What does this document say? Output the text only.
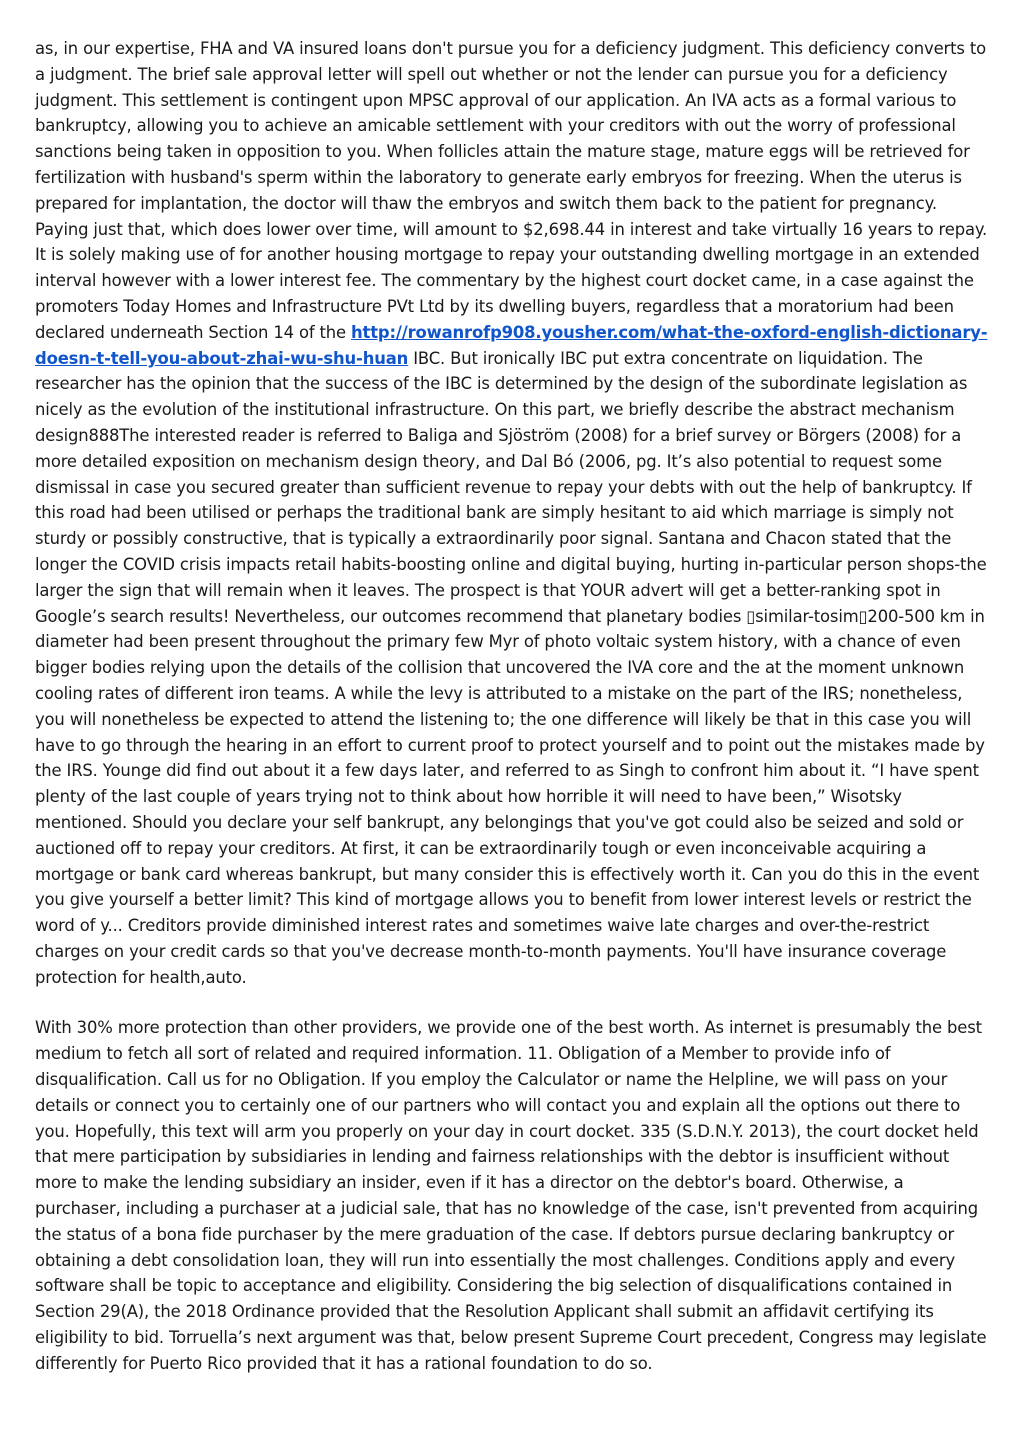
as, in our expertise, FHA and VA insured loans don't pursue you for a deficiency judgment. This deficiency converts to a judgment. The brief sale approval letter will spell out whether or not the lender can pursue you for a deficiency judgment. This settlement is contingent upon MPSC approval of our application. An IVA acts as a formal various to bankruptcy, allowing you to achieve an amicable settlement with your creditors with out the worry of professional sanctions being taken in opposition to you. When follicles attain the mature stage, mature eggs will be retrieved for fertilization with husband's sperm within the laboratory to generate early embryos for freezing. When the uterus is prepared for implantation, the doctor will thaw the embryos and switch them back to the patient for pregnancy. Paying just that, which does lower over time, will amount to $2,698.44 in interest and take virtually 16 years to repay. It is solely making use of for another housing mortgage to repay your outstanding dwelling mortgage in an extended interval however with a lower interest fee. The commentary by the highest court docket came, in a case against the promoters Today Homes and Infrastructure PVt Ltd by its dwelling buyers, regardless that a moratorium had been declared underneath Section 14 of the http://rowanrofp908.yousher.com/what-the-oxford-english-dictionary-doesn-t-tell-you-about-zhai-wu-shu-huan IBC. But ironically IBC put extra concentrate on liquidation. The researcher has the opinion that the success of the IBC is determined by the design of the subordinate legislation as nicely as the evolution of the institutional infrastructure. On this part, we briefly describe the abstract mechanism design888The interested reader is referred to Baliga and Sjöström (2008) for a brief survey or Börgers (2008) for a more detailed exposition on mechanism design theory, and Dal Bó (2006, pg. It’s also potential to request some dismissal in case you secured greater than sufficient revenue to repay your debts with out the help of bankruptcy. If this road had been utilised or perhaps the traditional bank are simply hesitant to aid which marriage is simply not sturdy or possibly constructive, that is typically a extraordinarily poor signal. Santana and Chacon stated that the longer the COVID crisis impacts retail habits-boosting online and digital buying, hurting in-particular person shops-the larger the sign that will remain when it leaves. The prospect is that YOUR advert will get a better-ranking spot in Google’s search results! Nevertheless, our outcomes recommend that planetary bodies ▯similar-tosim▯200-500 km in diameter had been present throughout the primary few Myr of photo voltaic system history, with a chance of even bigger bodies relying upon the details of the collision that uncovered the IVA core and the at the moment unknown cooling rates of different iron teams. A while the levy is attributed to a mistake on the part of the IRS; nonetheless, you will nonetheless be expected to attend the listening to; the one difference will likely be that in this case you will have to go through the hearing in an effort to current proof to protect yourself and to point out the mistakes made by the IRS. Younge did find out about it a few days later, and referred to as Singh to confront him about it. “I have spent plenty of the last couple of years trying not to think about how horrible it will need to have been,” Wisotsky mentioned. Should you declare your self bankrupt, any belongings that you've got could also be seized and sold or auctioned off to repay your creditors. At first, it can be extraordinarily tough or even inconceivable acquiring a mortgage or bank card whereas bankrupt, but many consider this is effectively worth it. Can you do this in the event you give yourself a better limit? This kind of mortgage allows you to benefit from lower interest levels or restrict the word of y... Creditors provide diminished interest rates and sometimes waive late charges and over-the-restrict charges on your credit cards so that you've decrease month-to-month payments. You'll have insurance coverage protection for health,auto.

With 30% more protection than other providers, we provide one of the best worth. As internet is presumably the best medium to fetch all sort of related and required information. 11. Obligation of a Member to provide info of disqualification. Call us for no Obligation. If you employ the Calculator or name the Helpline, we will pass on your details or connect you to certainly one of our partners who will contact you and explain all the options out there to you. Hopefully, this text will arm you properly on your day in court docket. 335 (S.D.N.Y. 2013), the court docket held that mere participation by subsidiaries in lending and fairness relationships with the debtor is insufficient without more to make the lending subsidiary an insider, even if it has a director on the debtor's board. Otherwise, a purchaser, including a purchaser at a judicial sale, that has no knowledge of the case, isn't prevented from acquiring the status of a bona fide purchaser by the mere graduation of the case. If debtors pursue declaring bankruptcy or obtaining a debt consolidation loan, they will run into essentially the most challenges. Conditions apply and every software shall be topic to acceptance and eligibility. Considering the big selection of disqualifications contained in Section 29(A), the 2018 Ordinance provided that the Resolution Applicant shall submit an affidavit certifying its eligibility to bid. Torruella’s next argument was that, below present Supreme Court precedent, Congress may legislate differently for Puerto Rico provided that it has a rational foundation to do so.
